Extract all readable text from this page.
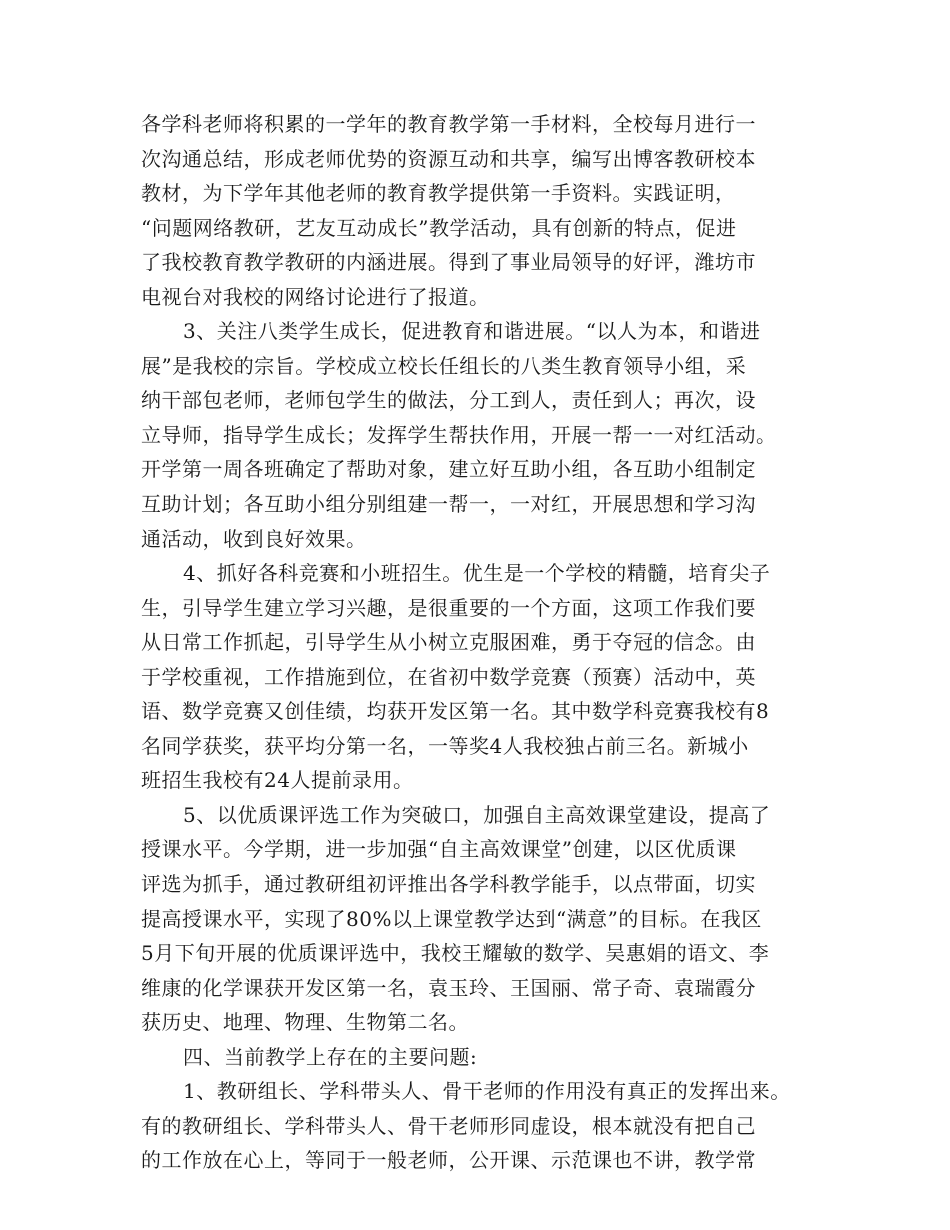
各学科老师将积累的一学年的教育教学第一手材料，全校每月进行一
次沟通总结，形成老师优势的资源互动和共享，编写出博客教研校本
教材，为下学年其他老师的教育教学提供第一手资料。实践证明，
“问题网络教研，艺友互动成长”教学活动，具有创新的特点，促进
了我校教育教学教研的内涵进展。得到了事业局领导的好评，潍坊市
电视台对我校的网络讨论进行了报道。
3、关注八类学生成长，促进教育和谐进展。“以人为本，和谐进
展”是我校的宗旨。学校成立校长任组长的八类生教育领导小组，采
纳干部包老师，老师包学生的做法，分工到人，责任到人；再次，设
立导师，指导学生成长；发挥学生帮扶作用，开展一帮一一对红活动。
开学第一周各班确定了帮助对象，建立好互助小组，各互助小组制定
互助计划；各互助小组分别组建一帮一，一对红，开展思想和学习沟
通活动，收到良好效果。
4、抓好各科竞赛和小班招生。优生是一个学校的精髓，培育尖子
生，引导学生建立学习兴趣，是很重要的一个方面，这项工作我们要
从日常工作抓起，引导学生从小树立克服困难，勇于夺冠的信念。由
于学校重视，工作措施到位，在省初中数学竞赛（预赛）活动中，英
语、数学竞赛又创佳绩，均获开发区第一名。其中数学科竞赛我校有8
名同学获奖，获平均分第一名，一等奖4人我校独占前三名。新城小
班招生我校有24人提前录用。
5、以优质课评选工作为突破口，加强自主高效课堂建设，提高了
授课水平。今学期，进一步加强“自主高效课堂”创建，以区优质课
评选为抓手，通过教研组初评推出各学科教学能手，以点带面，切实
提高授课水平，实现了80%以上课堂教学达到“满意”的目标。在我区
5月下旬开展的优质课评选中，我校王耀敏的数学、吴惠娟的语文、李
维康的化学课获开发区第一名，袁玉玲、王国丽、常子奇、袁瑞霞分
获历史、地理、物理、生物第二名。
四、当前教学上存在的主要问题:
1、教研组长、学科带头人、骨干老师的作用没有真正的发挥出来。
有的教研组长、学科带头人、骨干老师形同虚设，根本就没有把自己
的工作放在心上，等同于一般老师，公开课、示范课也不讲，教学常
